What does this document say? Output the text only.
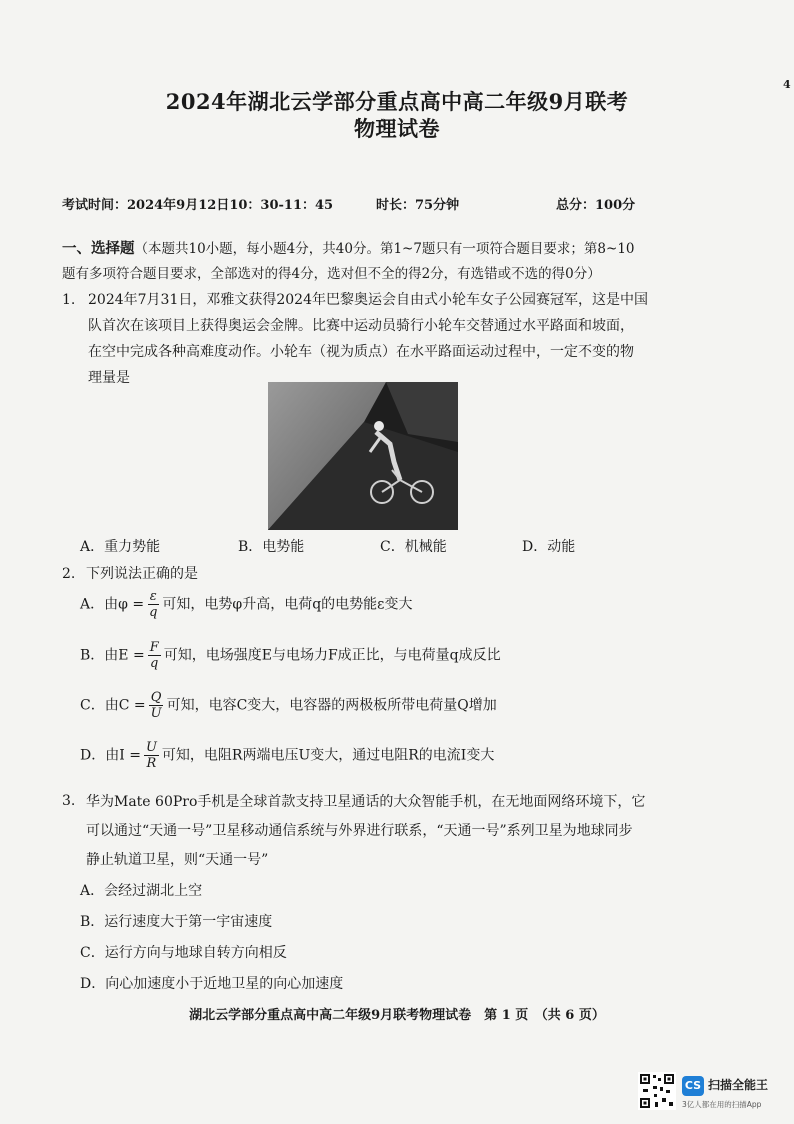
4
2024年湖北云学部分重点高中高二年级9月联考
物理试卷
考试时间：2024年9月12日10：30-11：45	时长：75分钟	总分：100分
一、选择题（本题共10小题，每小题4分，共40分。第1~7题只有一项符合题目要求；第8~10
题有多项符合题目要求，全部选对的得4分，选对但不全的得2分，有选错或不选的得0分）
1. 2024年7月31日，邓雅文获得2024年巴黎奥运会自由式小轮车女子公园赛冠军，这是中国
队首次在该项目上获得奥运会金牌。比赛中运动员骑行小轮车交替通过水平路面和坡面，
在空中完成各种高难度动作。小轮车（视为质点）在水平路面运动过程中，一定不变的物
理量是
A．重力势能	B．电势能	C．机械能	D．动能
2. 下列说法正确的是
A．由$\varphi = \frac{\varepsilon}{q}$ 可知，电势φ升高，电荷q的电势能ε变大
B．由$E = \frac{F}{q}$ 可知，电场强度E与电场力F成正比，与电荷量q成反比
C．由$C = \frac{Q}{U}$ 可知，电容C变大，电容器的两极板所带电荷量Q增加
D．由$I = \frac{U}{R}$ 可知，电阻R两端电压U变大，通过电阻R的电流I变大
3. 华为Mate 60Pro手机是全球首款支持卫星通话的大众智能手机，在无地面网络环境下，它
可以通过“天通一号”卫星移动通信系统与外界进行联系，“天通一号”系列卫星为地球同步
静止轨道卫星，则“天通一号”
A．会经过湖北上空
B．运行速度大于第一宇宙速度
C．运行方向与地球自转方向相反
D．向心加速度小于近地卫星的向心加速度
湖北云学部分重点高中高二年级9月联考物理试卷　第 1 页　（共 6 页）
CS 扫描全能王
3亿人都在用的扫描App
